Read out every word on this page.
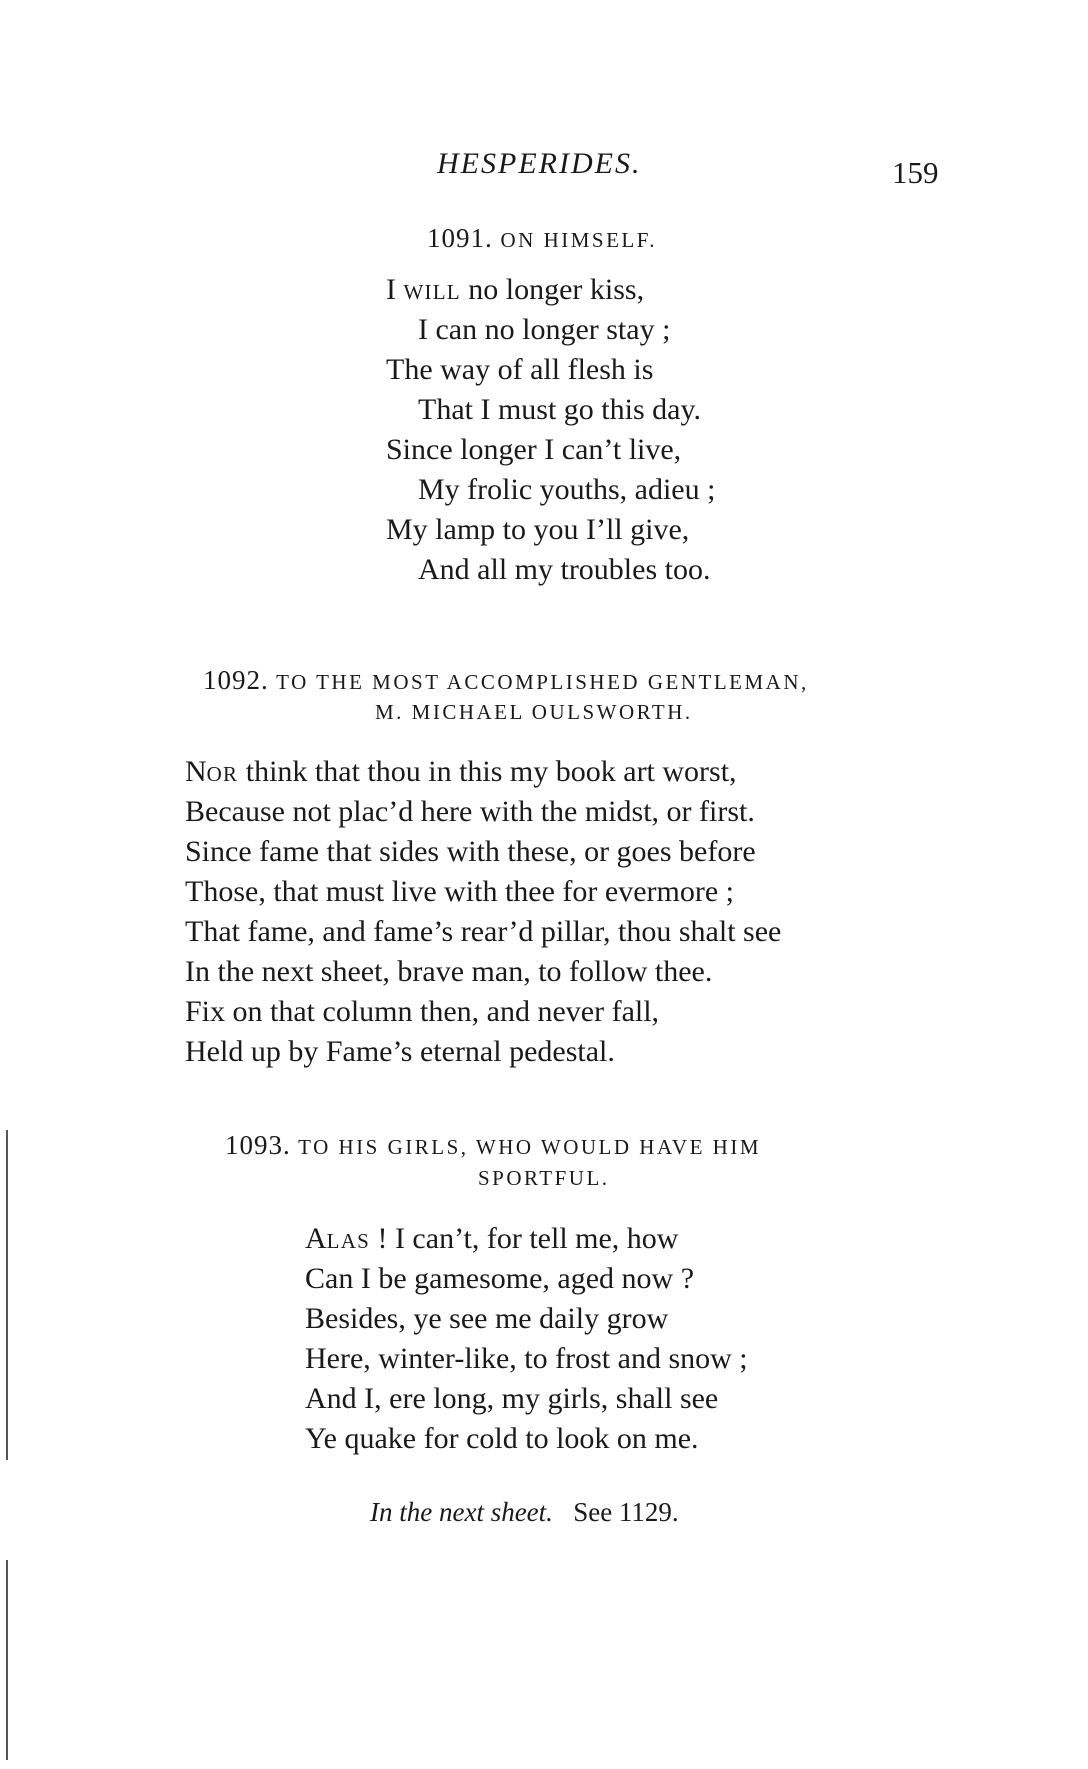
HESPERIDES.	159
1091. ON HIMSELF.
I WILL no longer kiss,
I can no longer stay ;
The way of all flesh is
That I must go this day.
Since longer I can’t live,
My frolic youths, adieu ;
My lamp to you I’ll give,
And all my troubles too.
1092. TO THE MOST ACCOMPLISHED GENTLEMAN,
M. MICHAEL OULSWORTH.
NOR think that thou in this my book art worst,
Because not plac’d here with the midst, or first.
Since fame that sides with these, or goes before
Those, that must live with thee for evermore ;
That fame, and fame’s rear’d pillar, thou shalt see
In the next sheet, brave man, to follow thee.
Fix on that column then, and never fall,
Held up by Fame’s eternal pedestal.
1093. TO HIS GIRLS, WHO WOULD HAVE HIM
SPORTFUL.
ALAS ! I can’t, for tell me, how
Can I be gamesome, aged now ?
Besides, ye see me daily grow
Here, winter-like, to frost and snow ;
And I, ere long, my girls, shall see
Ye quake for cold to look on me.
In the next sheet. See 1129.
